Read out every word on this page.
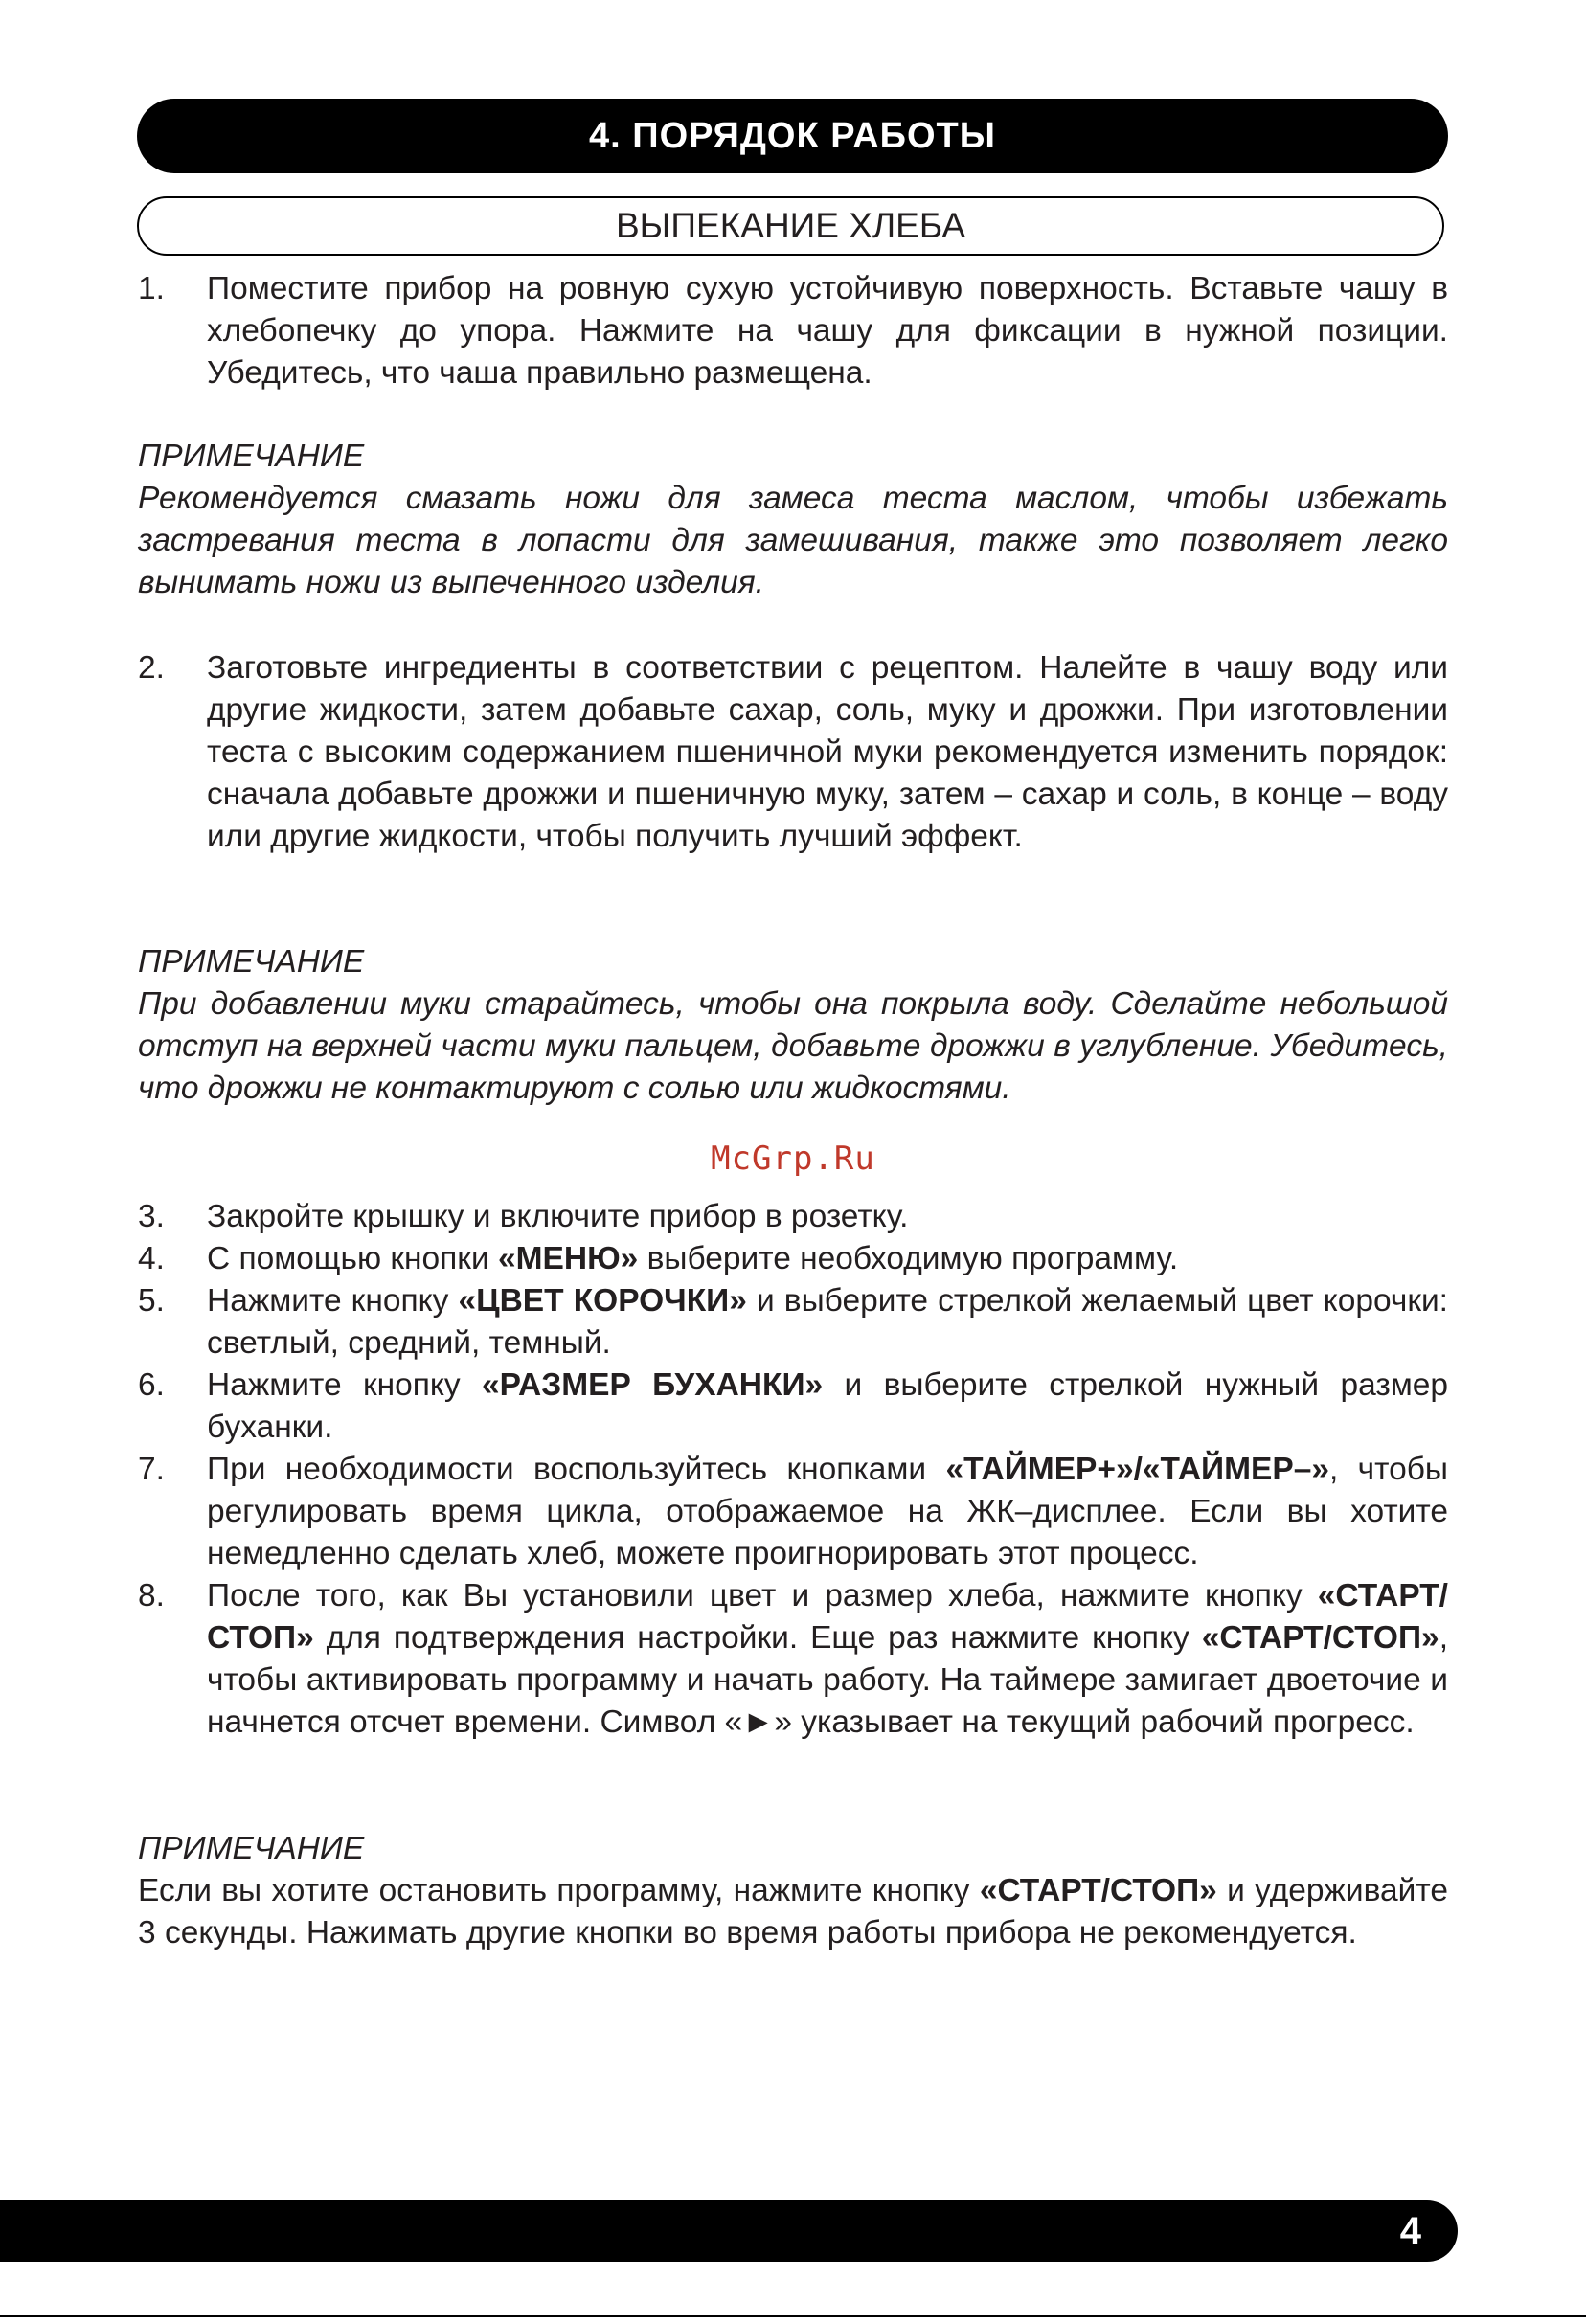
4. ПОРЯДОК РАБОТЫ
ВЫПЕКАНИЕ ХЛЕБА
1. Поместите прибор на ровную сухую устойчивую поверхность. Вставьте чашу в хлебопечку до упора. Нажмите на чашу для фиксации в нужной позиции. Убедитесь, что чаша правильно размещена.
ПРИМЕЧАНИЕ
Рекомендуется смазать ножи для замеса теста маслом, чтобы избежать застревания теста в лопасти для замешивания, также это позволяет легко вынимать ножи из выпеченного изделия.
2. Заготовьте ингредиенты в соответствии с рецептом. Налейте в чашу воду или другие жидкости, затем добавьте сахар, соль, муку и дрожжи. При изготовлении теста с высоким содержанием пшеничной муки рекомендуется изменить порядок: сначала добавьте дрожжи и пшеничную муку, затем – сахар и соль, в конце – воду или другие жидкости, чтобы получить лучший эффект.
ПРИМЕЧАНИЕ
При добавлении муки старайтесь, чтобы она покрыла воду. Сделайте небольшой отступ на верхней части муки пальцем, добавьте дрожжи в углубление. Убедитесь, что дрожжи не контактируют с солью или жидкостями.
McGrp.Ru
3. Закройте крышку и включите прибор в розетку.
4. С помощью кнопки «МЕНЮ» выберите необходимую программу.
5. Нажмите кнопку «ЦВЕТ КОРОЧКИ» и выберите стрелкой желаемый цвет корочки: светлый, средний, темный.
6. Нажмите кнопку «РАЗМЕР БУХАНКИ» и выберите стрелкой нужный размер буханки.
7. При необходимости воспользуйтесь кнопками «ТАЙМЕР+»/«ТАЙМЕР–», чтобы регулировать время цикла, отображаемое на ЖК–дисплее. Если вы хотите немедленно сделать хлеб, можете проигнорировать этот процесс.
8. После того, как Вы установили цвет и размер хлеба, нажмите кнопку «СТАРТ/СТОП» для подтверждения настройки. Еще раз нажмите кнопку «СТАРТ/СТОП», чтобы активировать программу и начать работу. На таймере замигает двоеточие и начнется отсчет времени. Символ «►» указывает на текущий рабочий прогресс.
ПРИМЕЧАНИЕ
Если вы хотите остановить программу, нажмите кнопку «СТАРТ/СТОП» и удерживайте 3 секунды. Нажимать другие кнопки во время работы прибора не рекомендуется.
4
